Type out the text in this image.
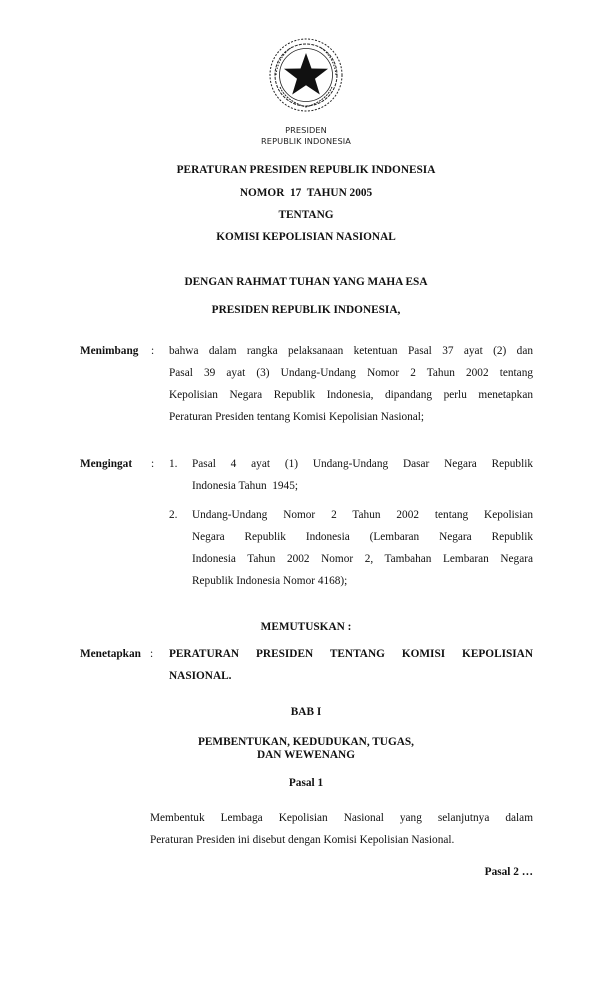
PRESIDEN
REPUBLIK INDONESIA
PERATURAN PRESIDEN REPUBLIK INDONESIA
NOMOR  17  TAHUN 2005
TENTANG
KOMISI KEPOLISIAN NASIONAL
DENGAN RAHMAT TUHAN YANG MAHA ESA
PRESIDEN REPUBLIK INDONESIA,
Menimbang : bahwa dalam rangka pelaksanaan ketentuan Pasal 37 ayat (2) dan
Pasal 39 ayat (3) Undang-Undang Nomor 2 Tahun 2002 tentang
Kepolisian Negara Republik Indonesia, dipandang perlu menetapkan
Peraturan Presiden tentang Komisi Kepolisian Nasional;
Mengingat : 1. Pasal 4 ayat (1) Undang-Undang Dasar Negara Republik
Indonesia Tahun  1945;
2. Undang-Undang Nomor 2 Tahun 2002 tentang Kepolisian
Negara Republik Indonesia (Lembaran Negara Republik
Indonesia Tahun 2002 Nomor 2, Tambahan Lembaran Negara
Republik Indonesia Nomor 4168);
MEMUTUSKAN :
Menetapkan : PERATURAN PRESIDEN TENTANG KOMISI KEPOLISIAN
NASIONAL.
BAB I
PEMBENTUKAN, KEDUDUKAN, TUGAS,
DAN WEWENANG
Pasal 1
Membentuk Lembaga Kepolisian Nasional yang selanjutnya dalam
Peraturan Presiden ini disebut dengan Komisi Kepolisian Nasional.
Pasal 2 …
